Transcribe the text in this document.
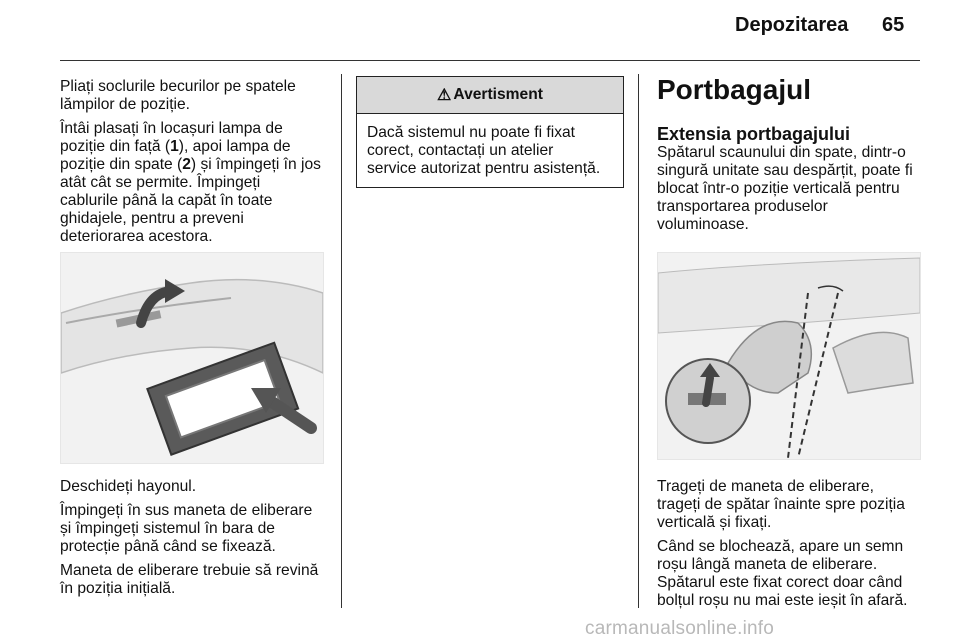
Depozitarea 65

Pliați soclurile becurilor pe spatele
lămpilor de poziție.

Întâi plasați în locașuri lampa de
poziție din față (1), apoi lampa de
poziție din spate (2) și împingeți în jos
atât cât se permite. Împingeți
cablurile până la capăt în toate
ghidajele, pentru a preveni
deteriorarea acestora.

Deschideți hayonul.

Împingeți în sus maneta de eliberare
și împingeți sistemul în bara de
protecție până când se fixează.

Maneta de eliberare trebuie să revină
în poziția inițială.

⚠ Avertisment
Dacă sistemul nu poate fi fixat
corect, contactați un atelier
service autorizat pentru asistență.
Portbagajul
Extensia portbagajului

Spătarul scaunului din spate, dintr-o
singură unitate sau despărțit, poate fi
blocat într-o poziție verticală pentru
transportarea produselor
voluminoase.

Trageți de maneta de eliberare,
trageți de spătar înainte spre poziția
verticală și fixați.

Când se blochează, apare un semn
roșu lângă maneta de eliberare.
Spătarul este fixat corect doar când
bolțul roșu nu mai este ieșit în afară.

carmanualsonline.info
